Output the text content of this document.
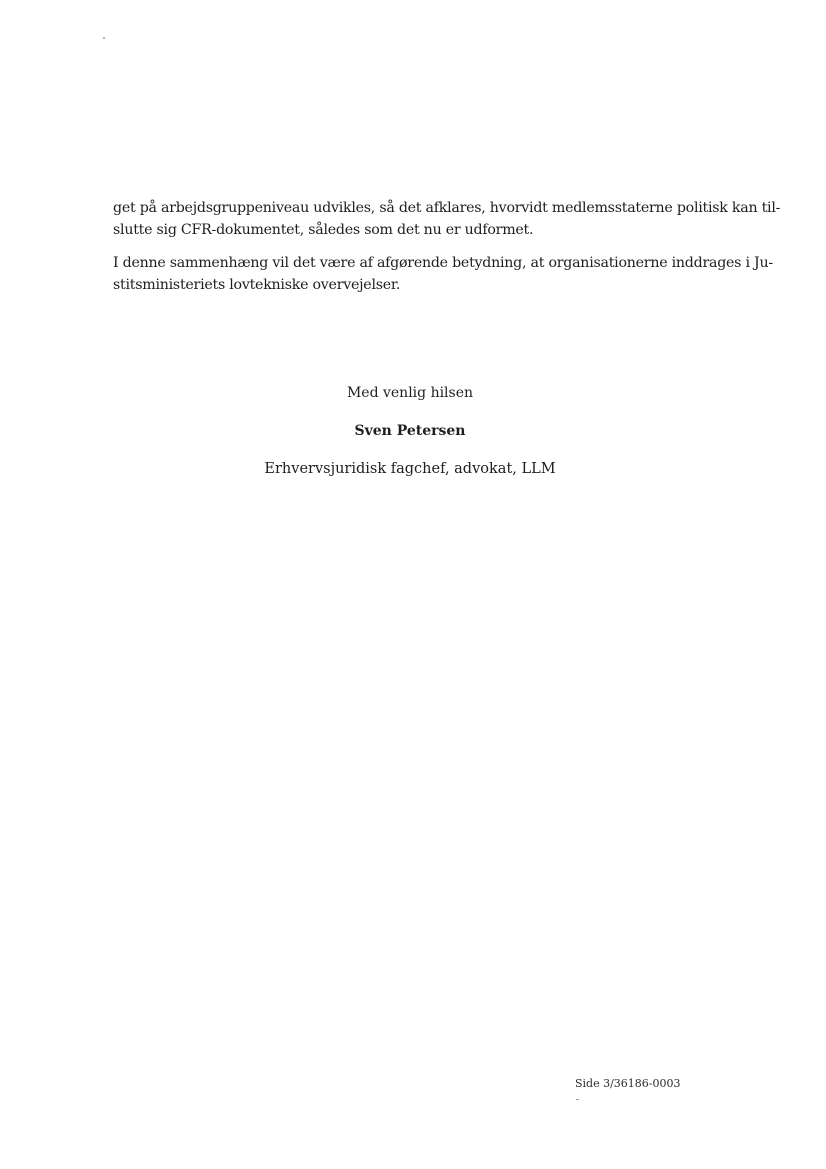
get på arbejdsgruppeniveau udvikles, så det afklares, hvorvidt medlemsstaterne politisk kan til-
slutte sig CFR-dokumentet, således som det nu er udformet.

I denne sammenhæng vil det være af afgørende betydning, at organisationerne inddrages i Ju-
stitsministeriets lovtekniske overvejelser.

Med venlig hilsen
Sven Petersen
Erhvervsjuridisk fagchef, advokat, LLM
Side 3/36186-0003
